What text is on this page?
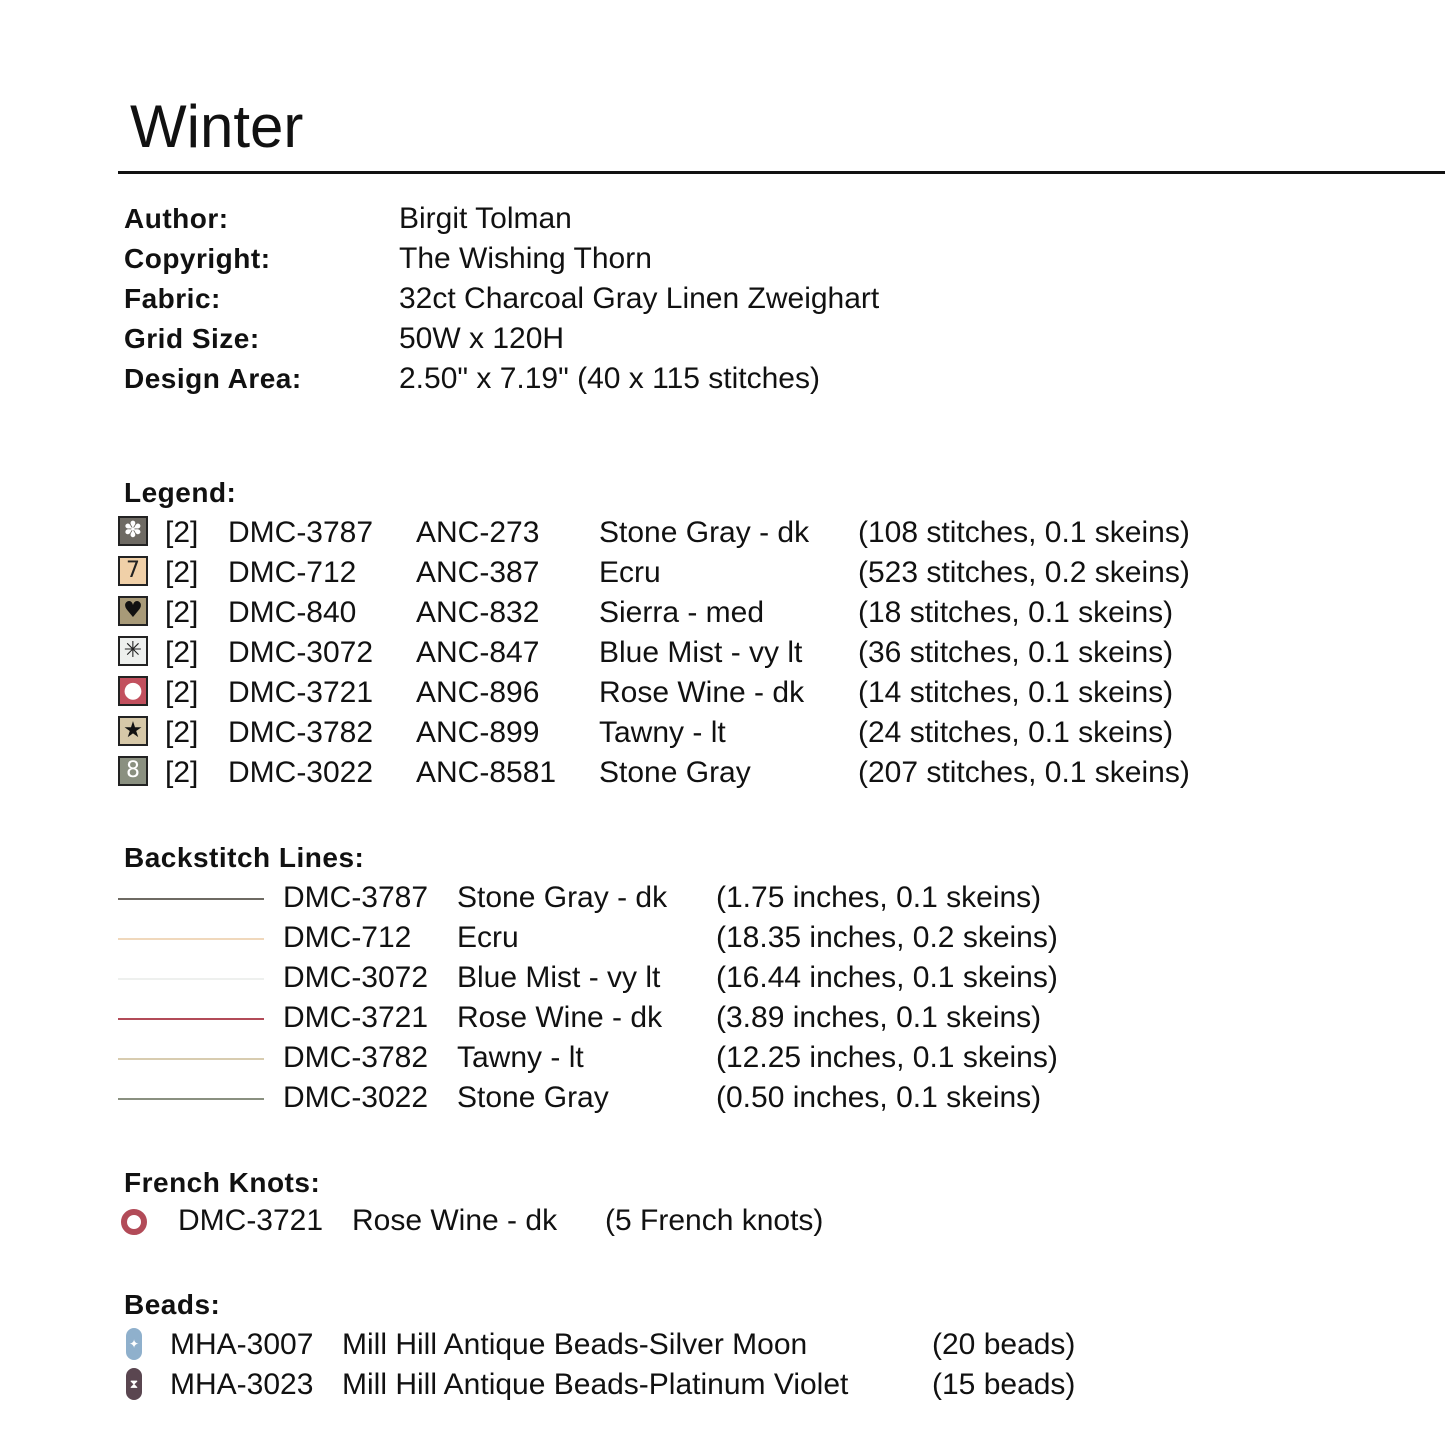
Winter
Author:	Birgit Tolman
Copyright:	The Wishing Thorn
Fabric:	32ct Charcoal Gray Linen Zweighart
Grid Size:	50W x 120H
Design Area:	2.50" x 7.19" (40 x 115 stitches)
Legend:
✽ [2] DMC-3787 ANC-273 Stone Gray - dk (108 stitches, 0.1 skeins)
7 [2] DMC-712 ANC-387 Ecru	(523 stitches, 0.2 skeins)
♥ [2] DMC-840 ANC-832 Sierra - med	(18 stitches, 0.1 skeins)
✳ [2] DMC-3072 ANC-847 Blue Mist - vy lt (36 stitches, 0.1 skeins)
● [2] DMC-3721 ANC-896 Rose Wine - dk (14 stitches, 0.1 skeins)
★ [2] DMC-3782 ANC-899 Tawny - lt	(24 stitches, 0.1 skeins)
8 [2] DMC-3022 ANC-8581 Stone Gray	(207 stitches, 0.1 skeins)
Backstitch Lines:
DMC-3787 Stone Gray - dk (1.75 inches, 0.1 skeins)
DMC-712 Ecru	(18.35 inches, 0.2 skeins)
DMC-3072 Blue Mist - vy lt (16.44 inches, 0.1 skeins)
DMC-3721 Rose Wine - dk (3.89 inches, 0.1 skeins)
DMC-3782 Tawny - lt	(12.25 inches, 0.1 skeins)
DMC-3022 Stone Gray	(0.50 inches, 0.1 skeins)
French Knots:
DMC-3721 Rose Wine - dk (5 French knots)
Beads:
✦ MHA-3007 Mill Hill Antique Beads-Silver Moon	(20 beads)
⧗ MHA-3023 Mill Hill Antique Beads-Platinum Violet	(15 beads)
